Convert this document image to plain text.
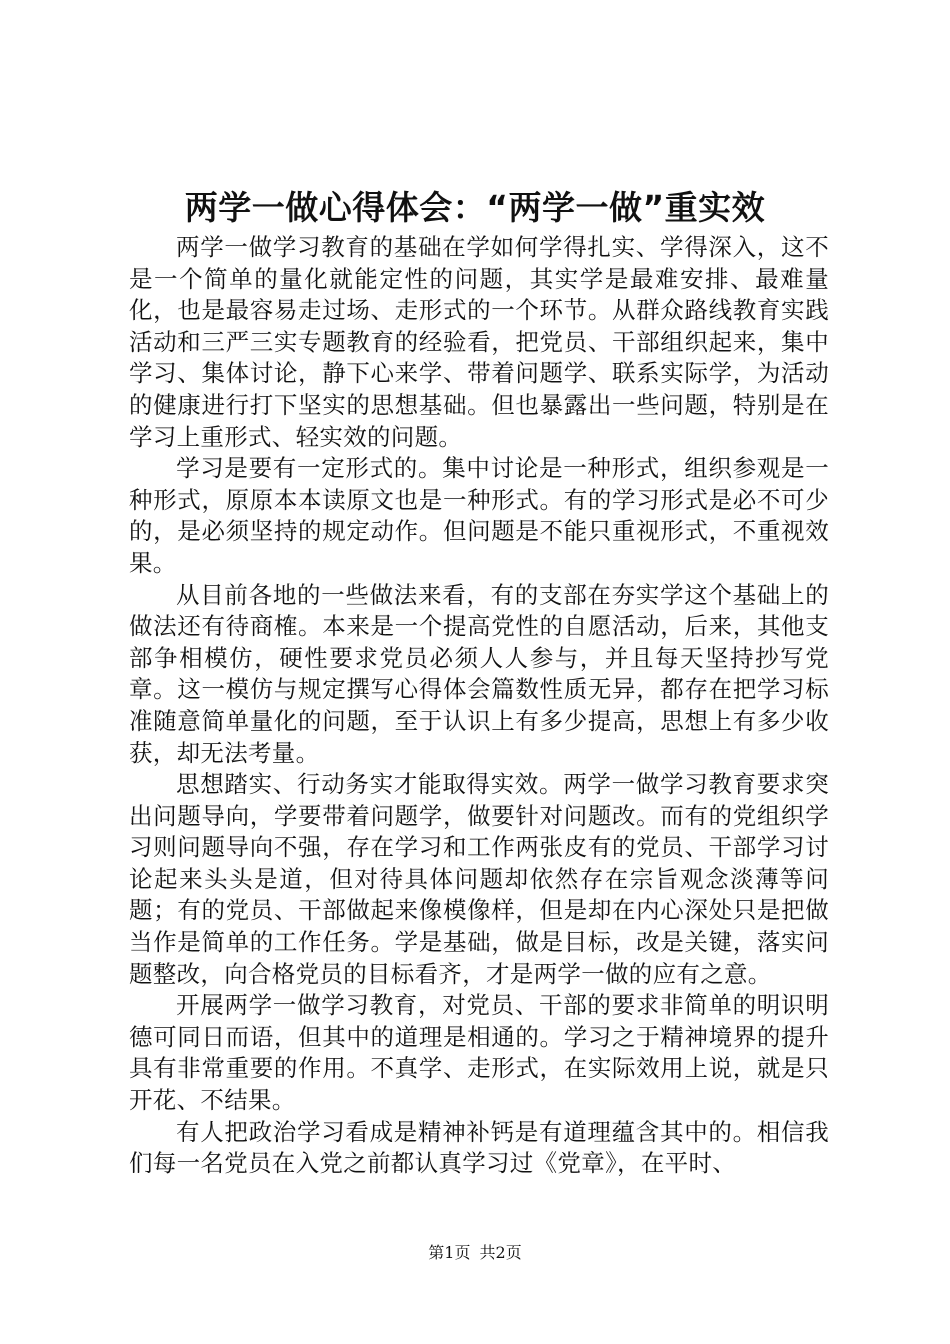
两学一做心得体会：“两学一做”重实效

两学一做学习教育的基础在学如何学得扎实、学得深入，这不是一个简单的量化就能定性的问题，其实学是最难安排、最难量化，也是最容易走过场、走形式的一个环节。从群众路线教育实践活动和三严三实专题教育的经验看，把党员、干部组织起来，集中学习、集体讨论，静下心来学、带着问题学、联系实际学，为活动的健康进行打下坚实的思想基础。但也暴露出一些问题，特别是在学习上重形式、轻实效的问题。

学习是要有一定形式的。集中讨论是一种形式，组织参观是一种形式，原原本本读原文也是一种形式。有的学习形式是必不可少的，是必须坚持的规定动作。但问题是不能只重视形式，不重视效果。

从目前各地的一些做法来看，有的支部在夯实学这个基础上的做法还有待商榷。本来是一个提高党性的自愿活动，后来，其他支部争相模仿，硬性要求党员必须人人参与，并且每天坚持抄写党章。这一模仿与规定撰写心得体会篇数性质无异，都存在把学习标准随意简单量化的问题，至于认识上有多少提高，思想上有多少收获，却无法考量。

思想踏实、行动务实才能取得实效。两学一做学习教育要求突出问题导向，学要带着问题学，做要针对问题改。而有的党组织学习则问题导向不强，存在学习和工作两张皮有的党员、干部学习讨论起来头头是道，但对待具体问题却依然存在宗旨观念淡薄等问题；有的党员、干部做起来像模像样，但是却在内心深处只是把做当作是简单的工作任务。学是基础，做是目标，改是关键，落实问题整改，向合格党员的目标看齐，才是两学一做的应有之意。

开展两学一做学习教育，对党员、干部的要求非简单的明识明德可同日而语，但其中的道理是相通的。学习之于精神境界的提升具有非常重要的作用。不真学、走形式，在实际效用上说，就是只开花、不结果。

有人把政治学习看成是精神补钙是有道理蕴含其中的。相信我们每一名党员在入党之前都认真学习过《党章》，在平时、

第1页 共2页
